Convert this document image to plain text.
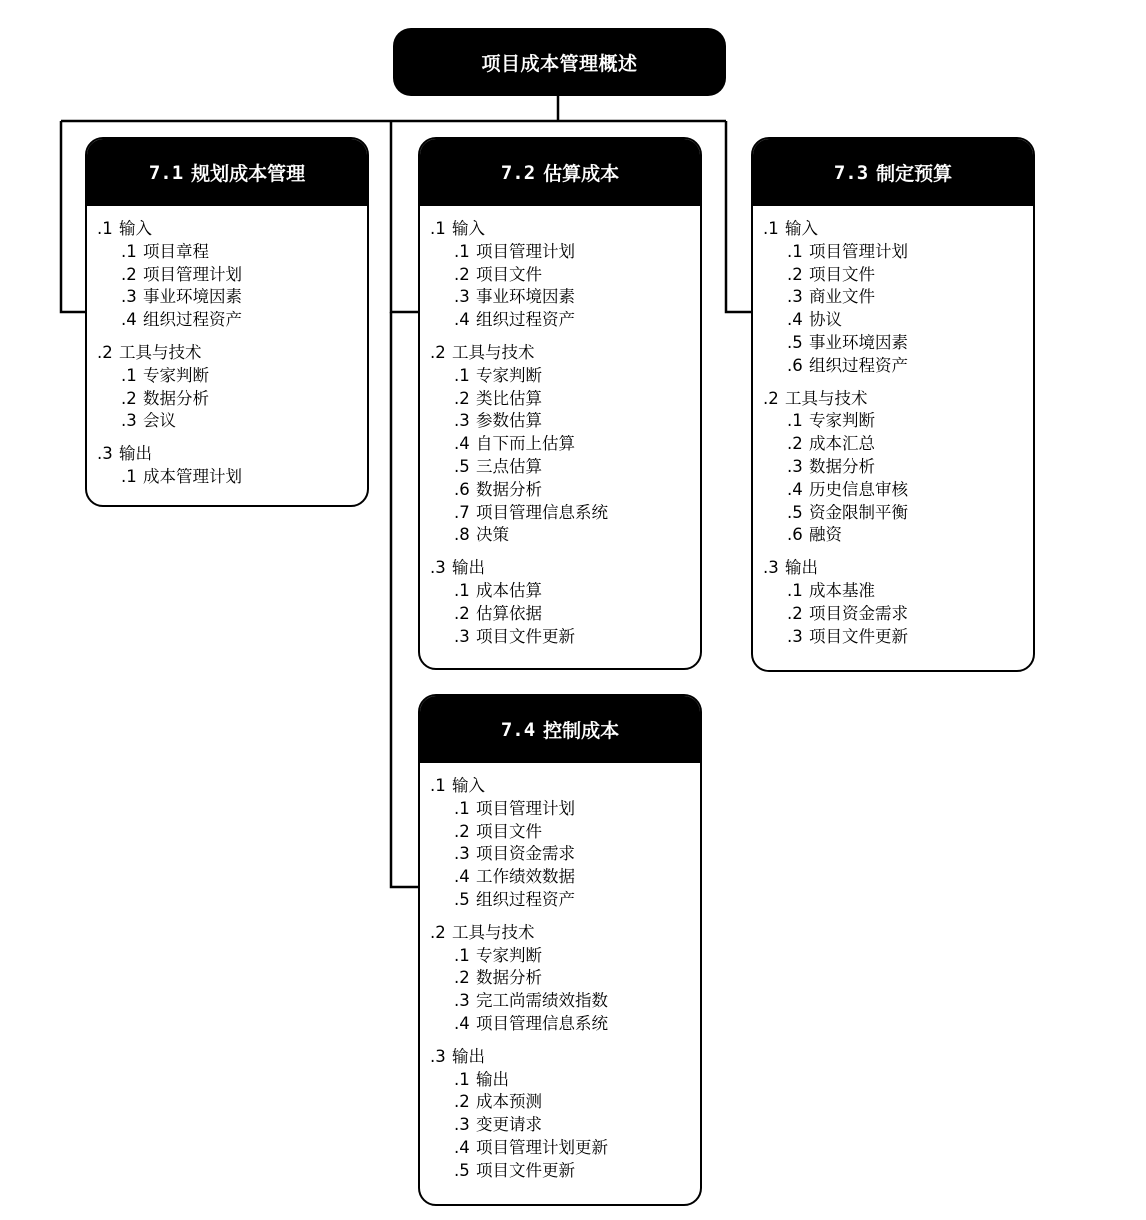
项目成本管理概述
7.1 规划成本管理
.1 输入
.1 项目章程
.2 项目管理计划
.3 事业环境因素
.4 组织过程资产
.2 工具与技术
.1 专家判断
.2 数据分析
.3 会议
.3 输出
.1 成本管理计划
7.2 估算成本
.1 输入
.1 项目管理计划
.2 项目文件
.3 事业环境因素
.4 组织过程资产
.2 工具与技术
.1 专家判断
.2 类比估算
.3 参数估算
.4 自下而上估算
.5 三点估算
.6 数据分析
.7 项目管理信息系统
.8 决策
.3 输出
.1 成本估算
.2 估算依据
.3 项目文件更新
7.3 制定预算
.1 输入
.1 项目管理计划
.2 项目文件
.3 商业文件
.4 协议
.5 事业环境因素
.6 组织过程资产
.2 工具与技术
.1 专家判断
.2 成本汇总
.3 数据分析
.4 历史信息审核
.5 资金限制平衡
.6 融资
.3 输出
.1 成本基准
.2 项目资金需求
.3 项目文件更新
7.4 控制成本
.1 输入
.1 项目管理计划
.2 项目文件
.3 项目资金需求
.4 工作绩效数据
.5 组织过程资产
.2 工具与技术
.1 专家判断
.2 数据分析
.3 完工尚需绩效指数
.4 项目管理信息系统
.3 输出
.1 输出
.2 成本预测
.3 变更请求
.4 项目管理计划更新
.5 项目文件更新
